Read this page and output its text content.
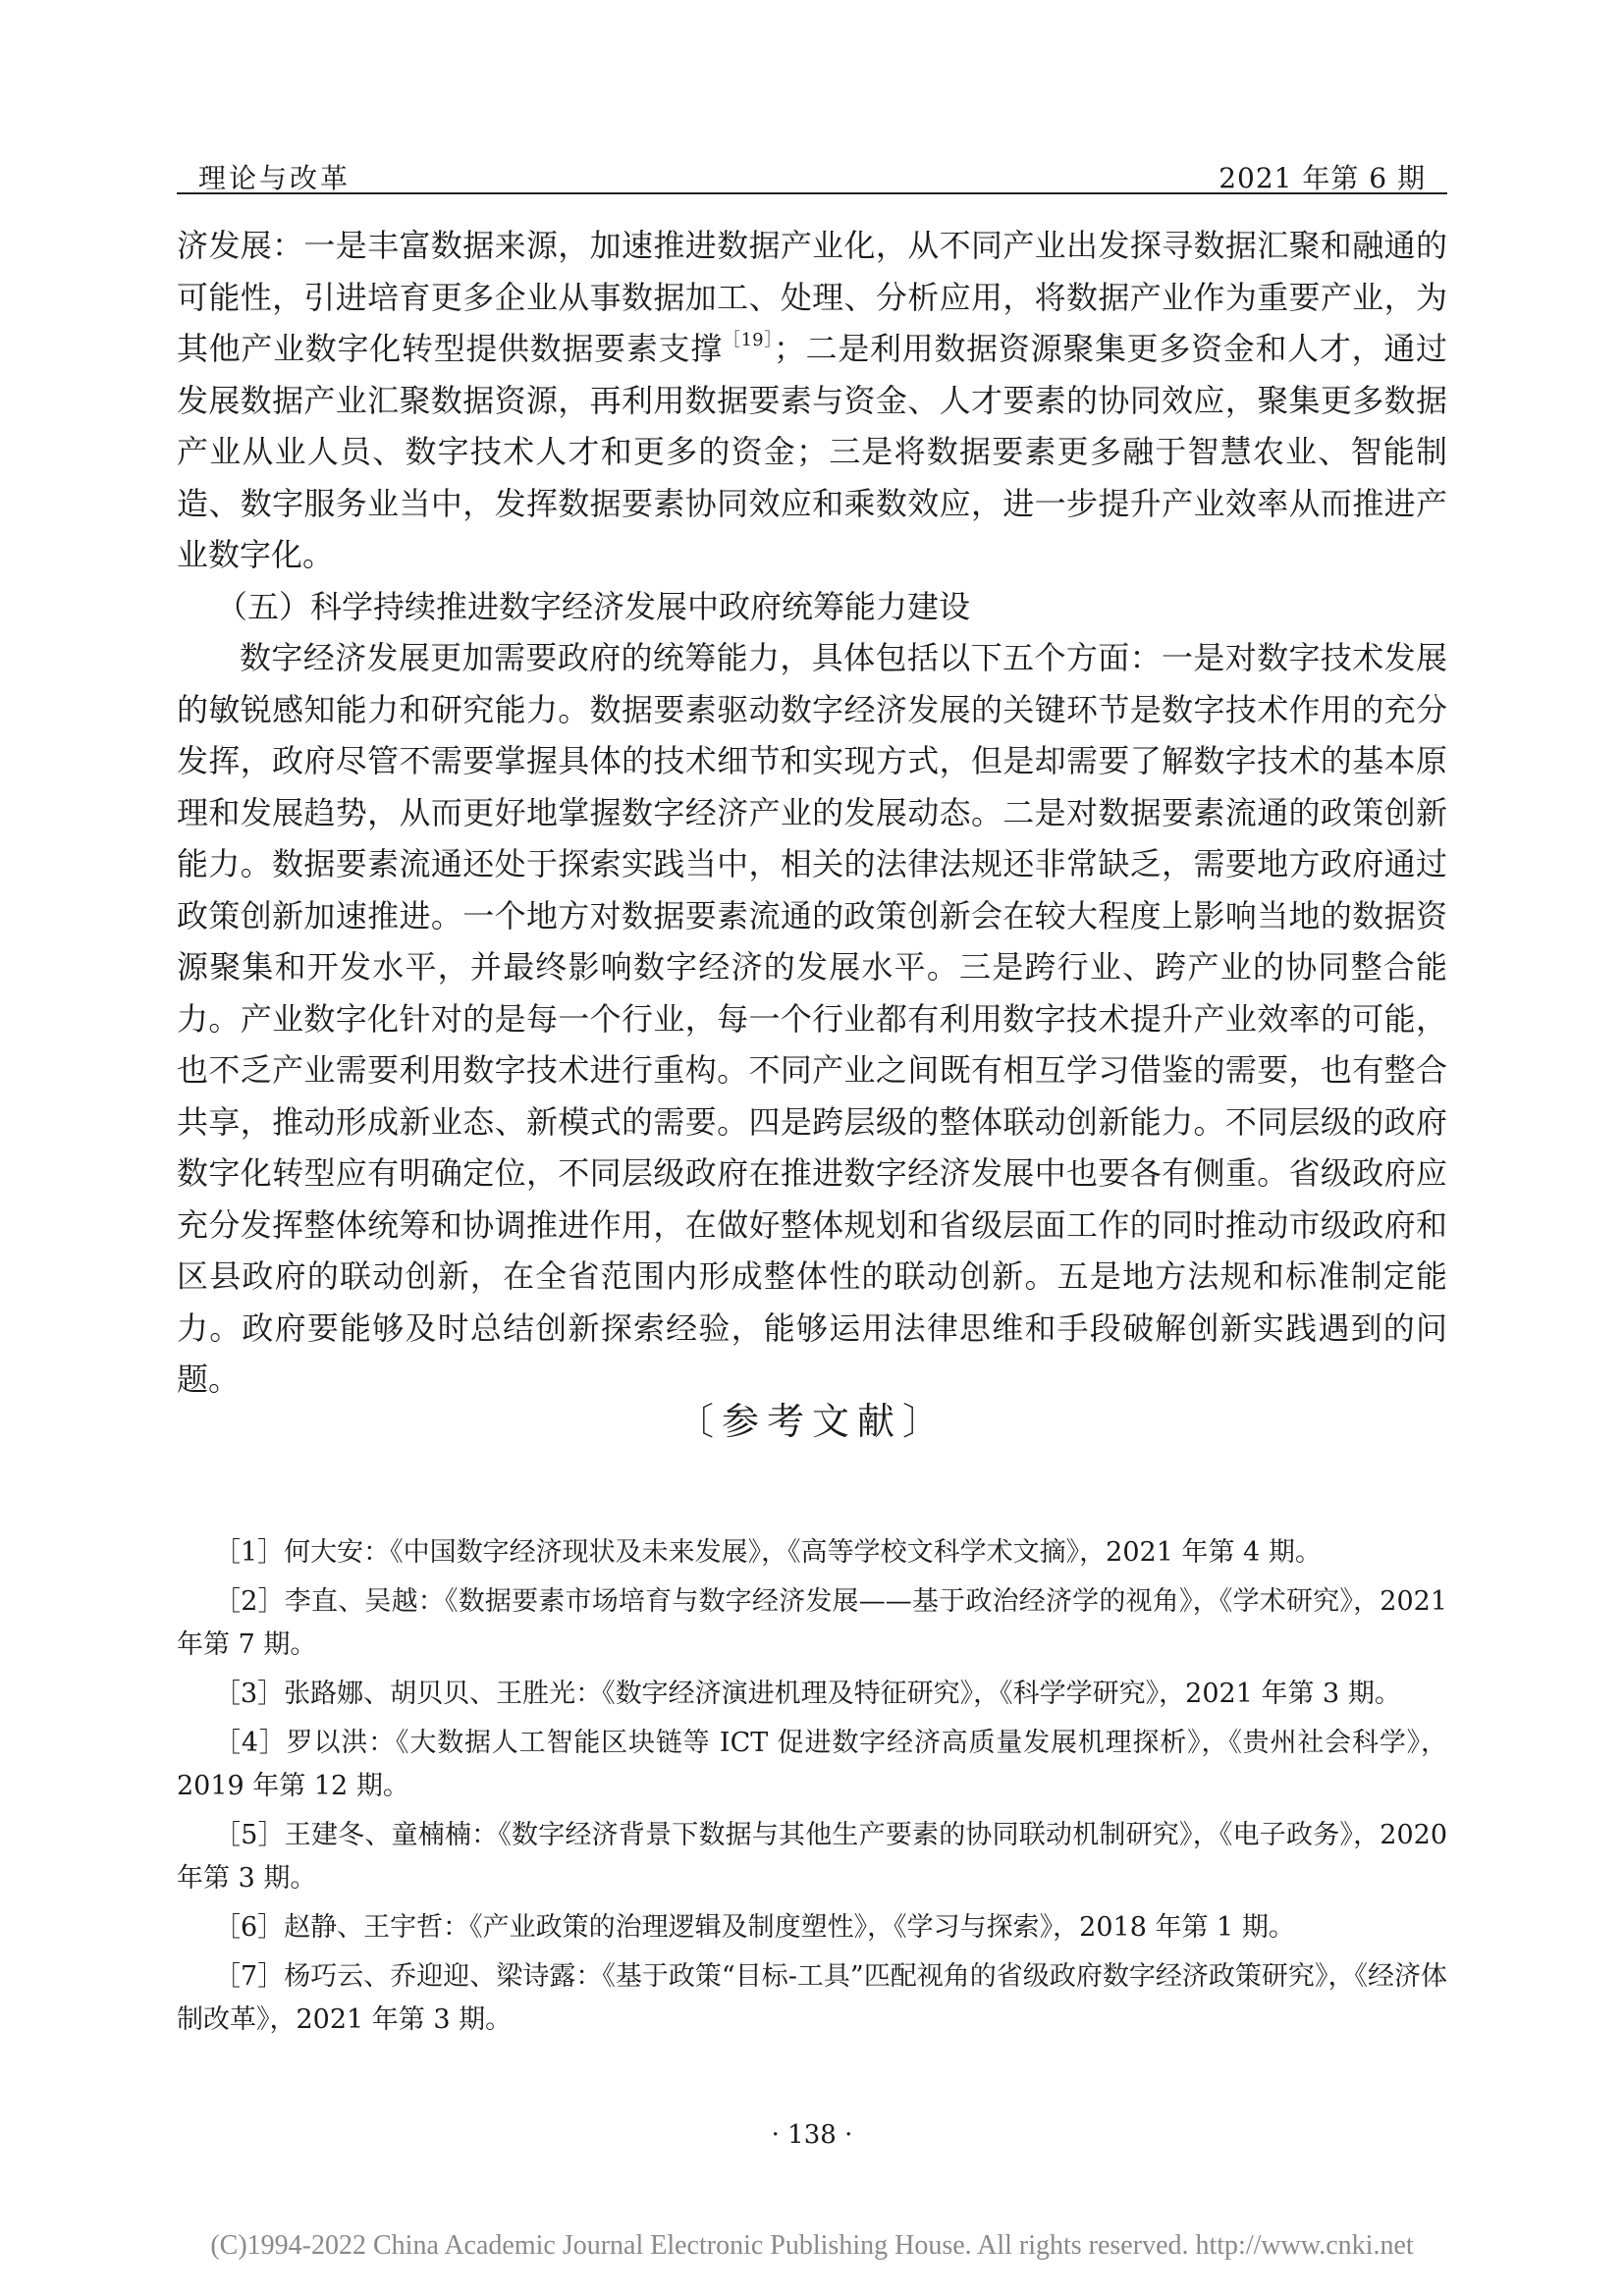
理论与改革	2021 年第 6 期

济发展：一是丰富数据来源，加速推进数据产业化，从不同产业出发探寻数据汇聚和融通的可能性，引进培育更多企业从事数据加工、处理、分析应用，将数据产业作为重要产业，为其他产业数字化转型提供数据要素支撑$^{[19]}$；二是利用数据资源聚集更多资金和人才，通过发展数据产业汇聚数据资源，再利用数据要素与资金、人才要素的协同效应，聚集更多数据产业从业人员、数字技术人才和更多的资金；三是将数据要素更多融于智慧农业、智能制造、数字服务业当中，发挥数据要素协同效应和乘数效应，进一步提升产业效率从而推进产业数字化。

（五）科学持续推进数字经济发展中政府统筹能力建设

数字经济发展更加需要政府的统筹能力，具体包括以下五个方面：一是对数字技术发展的敏锐感知能力和研究能力。数据要素驱动数字经济发展的关键环节是数字技术作用的充分发挥，政府尽管不需要掌握具体的技术细节和实现方式，但是却需要了解数字技术的基本原理和发展趋势，从而更好地掌握数字经济产业的发展动态。二是对数据要素流通的政策创新能力。数据要素流通还处于探索实践当中，相关的法律法规还非常缺乏，需要地方政府通过政策创新加速推进。一个地方对数据要素流通的政策创新会在较大程度上影响当地的数据资源聚集和开发水平，并最终影响数字经济的发展水平。三是跨行业、跨产业的协同整合能力。产业数字化针对的是每一个行业，每一个行业都有利用数字技术提升产业效率的可能，也不乏产业需要利用数字技术进行重构。不同产业之间既有相互学习借鉴的需要，也有整合共享，推动形成新业态、新模式的需要。四是跨层级的整体联动创新能力。不同层级的政府数字化转型应有明确定位，不同层级政府在推进数字经济发展中也要各有侧重。省级政府应充分发挥整体统筹和协调推进作用，在做好整体规划和省级层面工作的同时推动市级政府和区县政府的联动创新，在全省范围内形成整体性的联动创新。五是地方法规和标准制定能力。政府要能够及时总结创新探索经验，能够运用法律思维和手段破解创新实践遇到的问题。

〔参考文献〕

［1］何大安：《中国数字经济现状及未来发展》，《高等学校文科学术文摘》，2021 年第 4 期。

［2］李直、吴越：《数据要素市场培育与数字经济发展——基于政治经济学的视角》，《学术研究》，2021 年第 7 期。

［3］张路娜、胡贝贝、王胜光：《数字经济演进机理及特征研究》，《科学学研究》，2021 年第 3 期。

［4］罗以洪：《大数据人工智能区块链等 ICT 促进数字经济高质量发展机理探析》，《贵州社会科学》，2019 年第 12 期。

［5］王建冬、童楠楠：《数字经济背景下数据与其他生产要素的协同联动机制研究》，《电子政务》，2020 年第 3 期。

［6］赵静、王宇哲：《产业政策的治理逻辑及制度塑性》，《学习与探索》，2018 年第 1 期。

［7］杨巧云、乔迎迎、梁诗露：《基于政策“目标-工具”匹配视角的省级政府数字经济政策研究》，《经济体制改革》，2021 年第 3 期。

· 138 ·
(C)1994-2022 China Academic Journal Electronic Publishing House. All rights reserved. http://www.cnki.net
